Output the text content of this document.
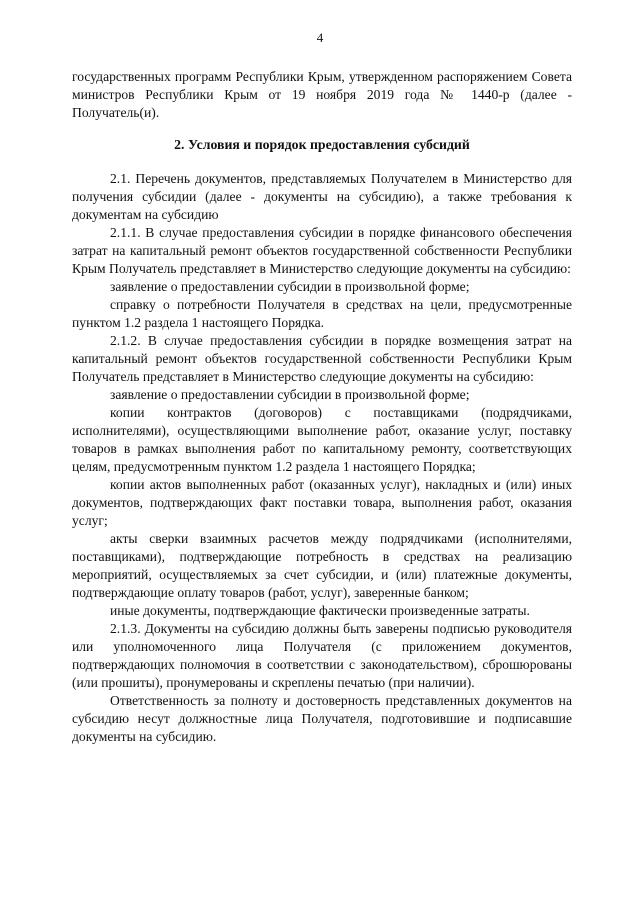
4

государственных программ Республики Крым, утвержденном распоряжением Совета министров Республики Крым от 19 ноября 2019 года № 1440-р (далее - Получатель(и).

2. Условия и порядок предоставления субсидий

2.1. Перечень документов, представляемых Получателем в Министерство для получения субсидии (далее - документы на субсидию), а также требования к документам на субсидию

2.1.1. В случае предоставления субсидии в порядке финансового обеспечения затрат на капитальный ремонт объектов государственной собственности Республики Крым Получатель представляет в Министерство следующие документы на субсидию:

заявление о предоставлении субсидии в произвольной форме;

справку о потребности Получателя в средствах на цели, предусмотренные пунктом 1.2 раздела 1 настоящего Порядка.

2.1.2. В случае предоставления субсидии в порядке возмещения затрат на капитальный ремонт объектов государственной собственности Республики Крым Получатель представляет в Министерство следующие документы на субсидию:

заявление о предоставлении субсидии в произвольной форме;

копии контрактов (договоров) с поставщиками (подрядчиками, исполнителями), осуществляющими выполнение работ, оказание услуг, поставку товаров в рамках выполнения работ по капитальному ремонту, соответствующих целям, предусмотренным пунктом 1.2 раздела 1 настоящего Порядка;

копии актов выполненных работ (оказанных услуг), накладных и (или) иных документов, подтверждающих факт поставки товара, выполнения работ, оказания услуг;

акты сверки взаимных расчетов между подрядчиками (исполнителями, поставщиками), подтверждающие потребность в средствах на реализацию мероприятий, осуществляемых за счет субсидии, и (или) платежные документы, подтверждающие оплату товаров (работ, услуг), заверенные банком;

иные документы, подтверждающие фактически произведенные затраты.

2.1.3. Документы на субсидию должны быть заверены подписью руководителя или уполномоченного лица Получателя (с приложением документов, подтверждающих полномочия в соответствии с законодательством), сброшюрованы (или прошиты), пронумерованы и скреплены печатью (при наличии).

Ответственность за полноту и достоверность представленных документов на субсидию несут должностные лица Получателя, подготовившие и подписавшие документы на субсидию.
